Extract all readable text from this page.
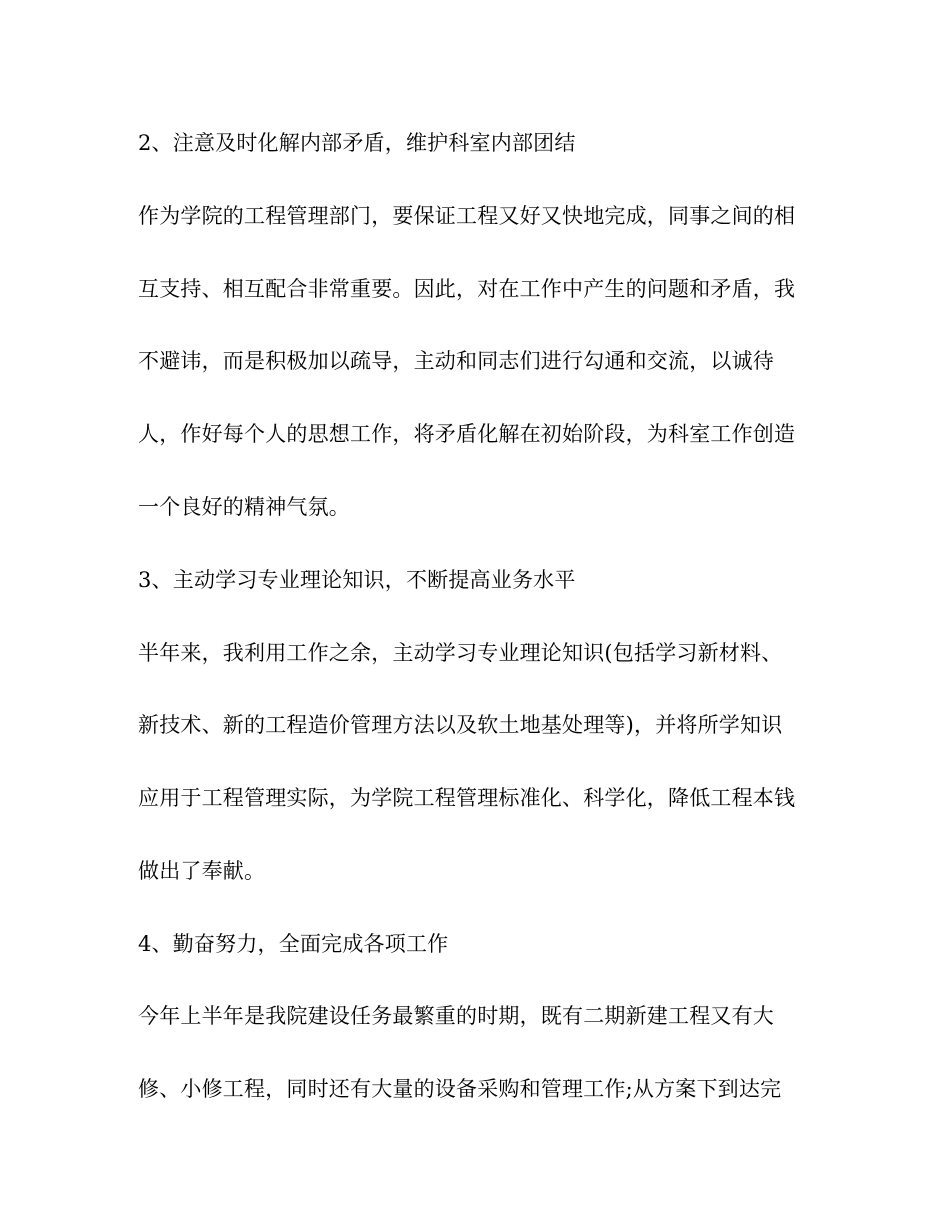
2、注意及时化解内部矛盾，维护科室内部团结
作为学院的工程管理部门，要保证工程又好又快地完成，同事之间的相
互支持、相互配合非常重要。因此，对在工作中产生的问题和矛盾，我
不避讳，而是积极加以疏导，主动和同志们进行勾通和交流，以诚待
人，作好每个人的思想工作，将矛盾化解在初始阶段，为科室工作创造
一个良好的精神气氛。
3、主动学习专业理论知识，不断提高业务水平
半年来，我利用工作之余，主动学习专业理论知识(包括学习新材料、
新技术、新的工程造价管理方法以及软土地基处理等)，并将所学知识
应用于工程管理实际，为学院工程管理标准化、科学化，降低工程本钱
做出了奉献。
4、勤奋努力，全面完成各项工作
今年上半年是我院建设任务最繁重的时期，既有二期新建工程又有大
修、小修工程，同时还有大量的设备采购和管理工作;从方案下到达完
